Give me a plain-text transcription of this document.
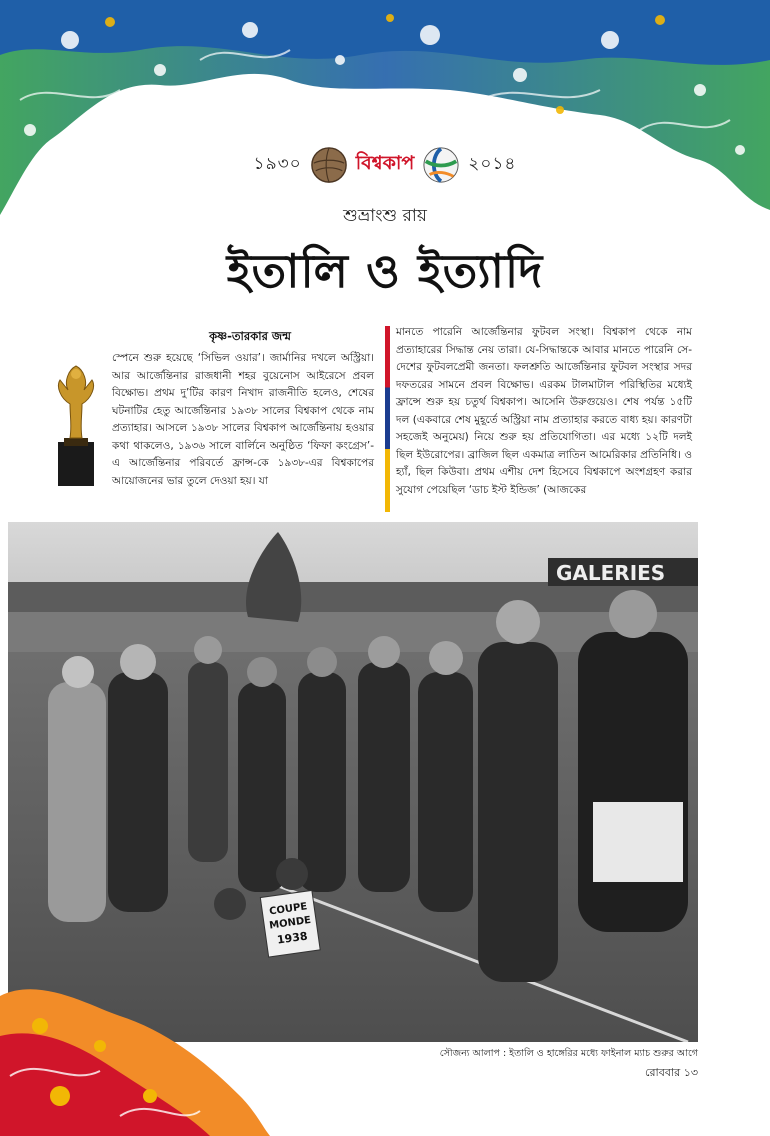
১৯৩০	বিশ্বকাপ	২০১৪
শুভ্রাংশু রায়
ইতালি ও ইত্যাদি
কৃষ্ণ-তারকার জন্ম
স্পেনে শুরু হয়েছে ‘সিভিল ওয়ার’। জার্মানির দখলে অস্ট্রিয়া। আর আর্জেন্তিনার রাজধানী শহর বুয়েনোস আইরেসে প্রবল বিক্ষোভ। প্রথম দু’টির কারণ নিখাদ রাজনীতি হলেও, শেষের ঘটনাটির হেতু আর্জেন্তিনার ১৯৩৮ সালের বিশ্বকাপ থেকে নাম প্রত্যাহার। আসলে ১৯৩৮ সালের বিশ্বকাপ আর্জেন্তিনায় হওয়ার কথা থাকলেও, ১৯৩৬ সালে বার্লিনে অনুষ্ঠিত ‘ফিফা কংগ্রেস’-এ আর্জেন্তিনার পরিবর্তে ফ্রান্স-কে ১৯৩৮-এর বিশ্বকাপের আয়োজনের ভার তুলে দেওয়া হয়। যা
মানতে পারেনি আর্জেন্তিনার ফুটবল সংস্থা। বিশ্বকাপ থেকে নাম প্রত্যাহারের সিদ্ধান্ত নেয় তারা। যে-সিদ্ধান্তকে আবার মানতে পারেনি সে-দেশের ফুটবলপ্রেমী জনতা। ফলশ্রুতি আর্জেন্তিনার ফুটবল সংস্থার সদর দফতরের সামনে প্রবল বিক্ষোভ। এরকম টালমাটাল পরিস্থিতির মধ্যেই ফ্রান্সে শুরু হয় চতুর্থ বিশ্বকাপ। আসেনি উরুগুয়েও। শেষ পর্যন্ত ১৫টি দল (একবারে শেষ মুহূর্তে অস্ট্রিয়া নাম প্রত্যাহার করতে বাধ্য হয়। কারণটা সহজেই অনুমেয়) নিয়ে শুরু হয় প্রতিযোগিতা। এর মধ্যে ১২টি দলই ছিল ইউরোপের। ব্রাজিল ছিল একমাত্র লাতিন আমেরিকার প্রতিনিধি। ও হ্যাঁ, ছিল কিউবা। প্রথম এশীয় দেশ হিসেবে বিশ্বকাপে অংশগ্রহণ করার সুযোগ পেয়েছিল ‘ডাচ ইস্ট ইন্ডিজ’ (আজকের
GALERIES
COUPE
MONDE
1938
সৌজন্য আলাপ : ইতালি ও হাঙ্গেরির মধ্যে ফাইনাল ম্যাচ শুরুর আগে
রোববার ১৩
